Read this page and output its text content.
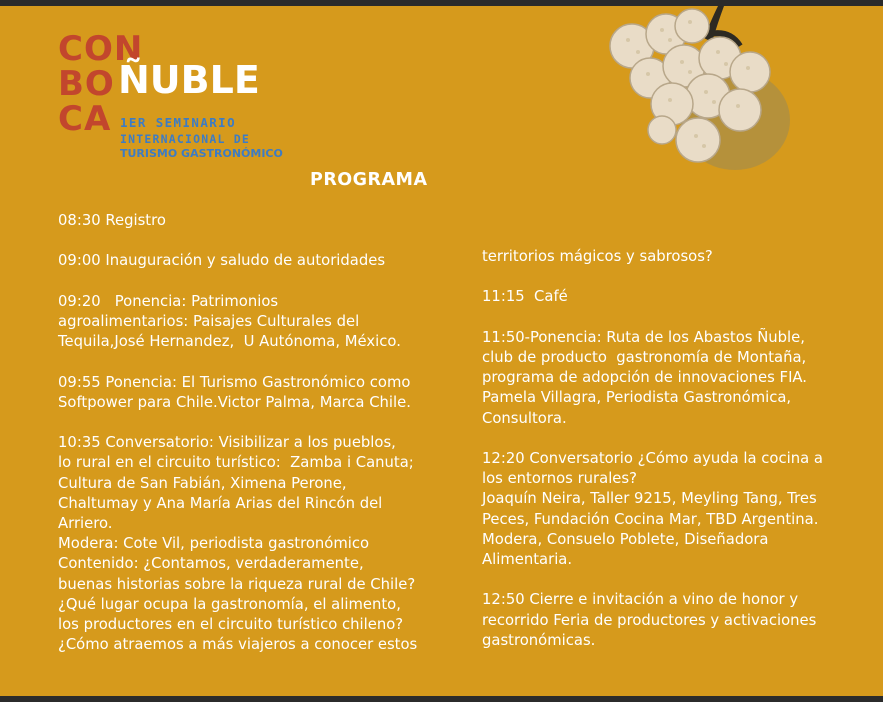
CON
BO
CA
ÑUBLE
1ER SEMINARIO
INTERNACIONAL DE
TURISMO GASTRONÓMICO
PROGRAMA

08:30 Registro

09:00 Inauguración y saludo de autoridades

09:20   Ponencia: Patrimonios
agroalimentarios: Paisajes Culturales del
Tequila,José Hernandez,  U Autónoma, México.

09:55 Ponencia: El Turismo Gastronómico como
Softpower para Chile.Victor Palma, Marca Chile.

10:35 Conversatorio: Visibilizar a los pueblos,
lo rural en el circuito turístico:  Zamba i Canuta;
Cultura de San Fabián, Ximena Perone,
Chaltumay y Ana María Arias del Rincón del
Arriero.
Modera: Cote Vil, periodista gastronómico
Contenido: ¿Contamos, verdaderamente,
buenas historias sobre la riqueza rural de Chile?
¿Qué lugar ocupa la gastronomía, el alimento,
los productores en el circuito turístico chileno?
¿Cómo atraemos a más viajeros a conocer estos

territorios mágicos y sabrosos?

11:15  Café

11:50-Ponencia: Ruta de los Abastos Ñuble,
club de producto  gastronomía de Montaña,
programa de adopción de innovaciones FIA.
Pamela Villagra, Periodista Gastronómica,
Consultora.

12:20 Conversatorio ¿Cómo ayuda la cocina a
los entornos rurales?
Joaquín Neira, Taller 9215, Meyling Tang, Tres
Peces, Fundación Cocina Mar, TBD Argentina.
Modera, Consuelo Poblete, Diseñadora
Alimentaria.

12:50 Cierre e invitación a vino de honor y
recorrido Feria de productores y activaciones
gastronómicas.
